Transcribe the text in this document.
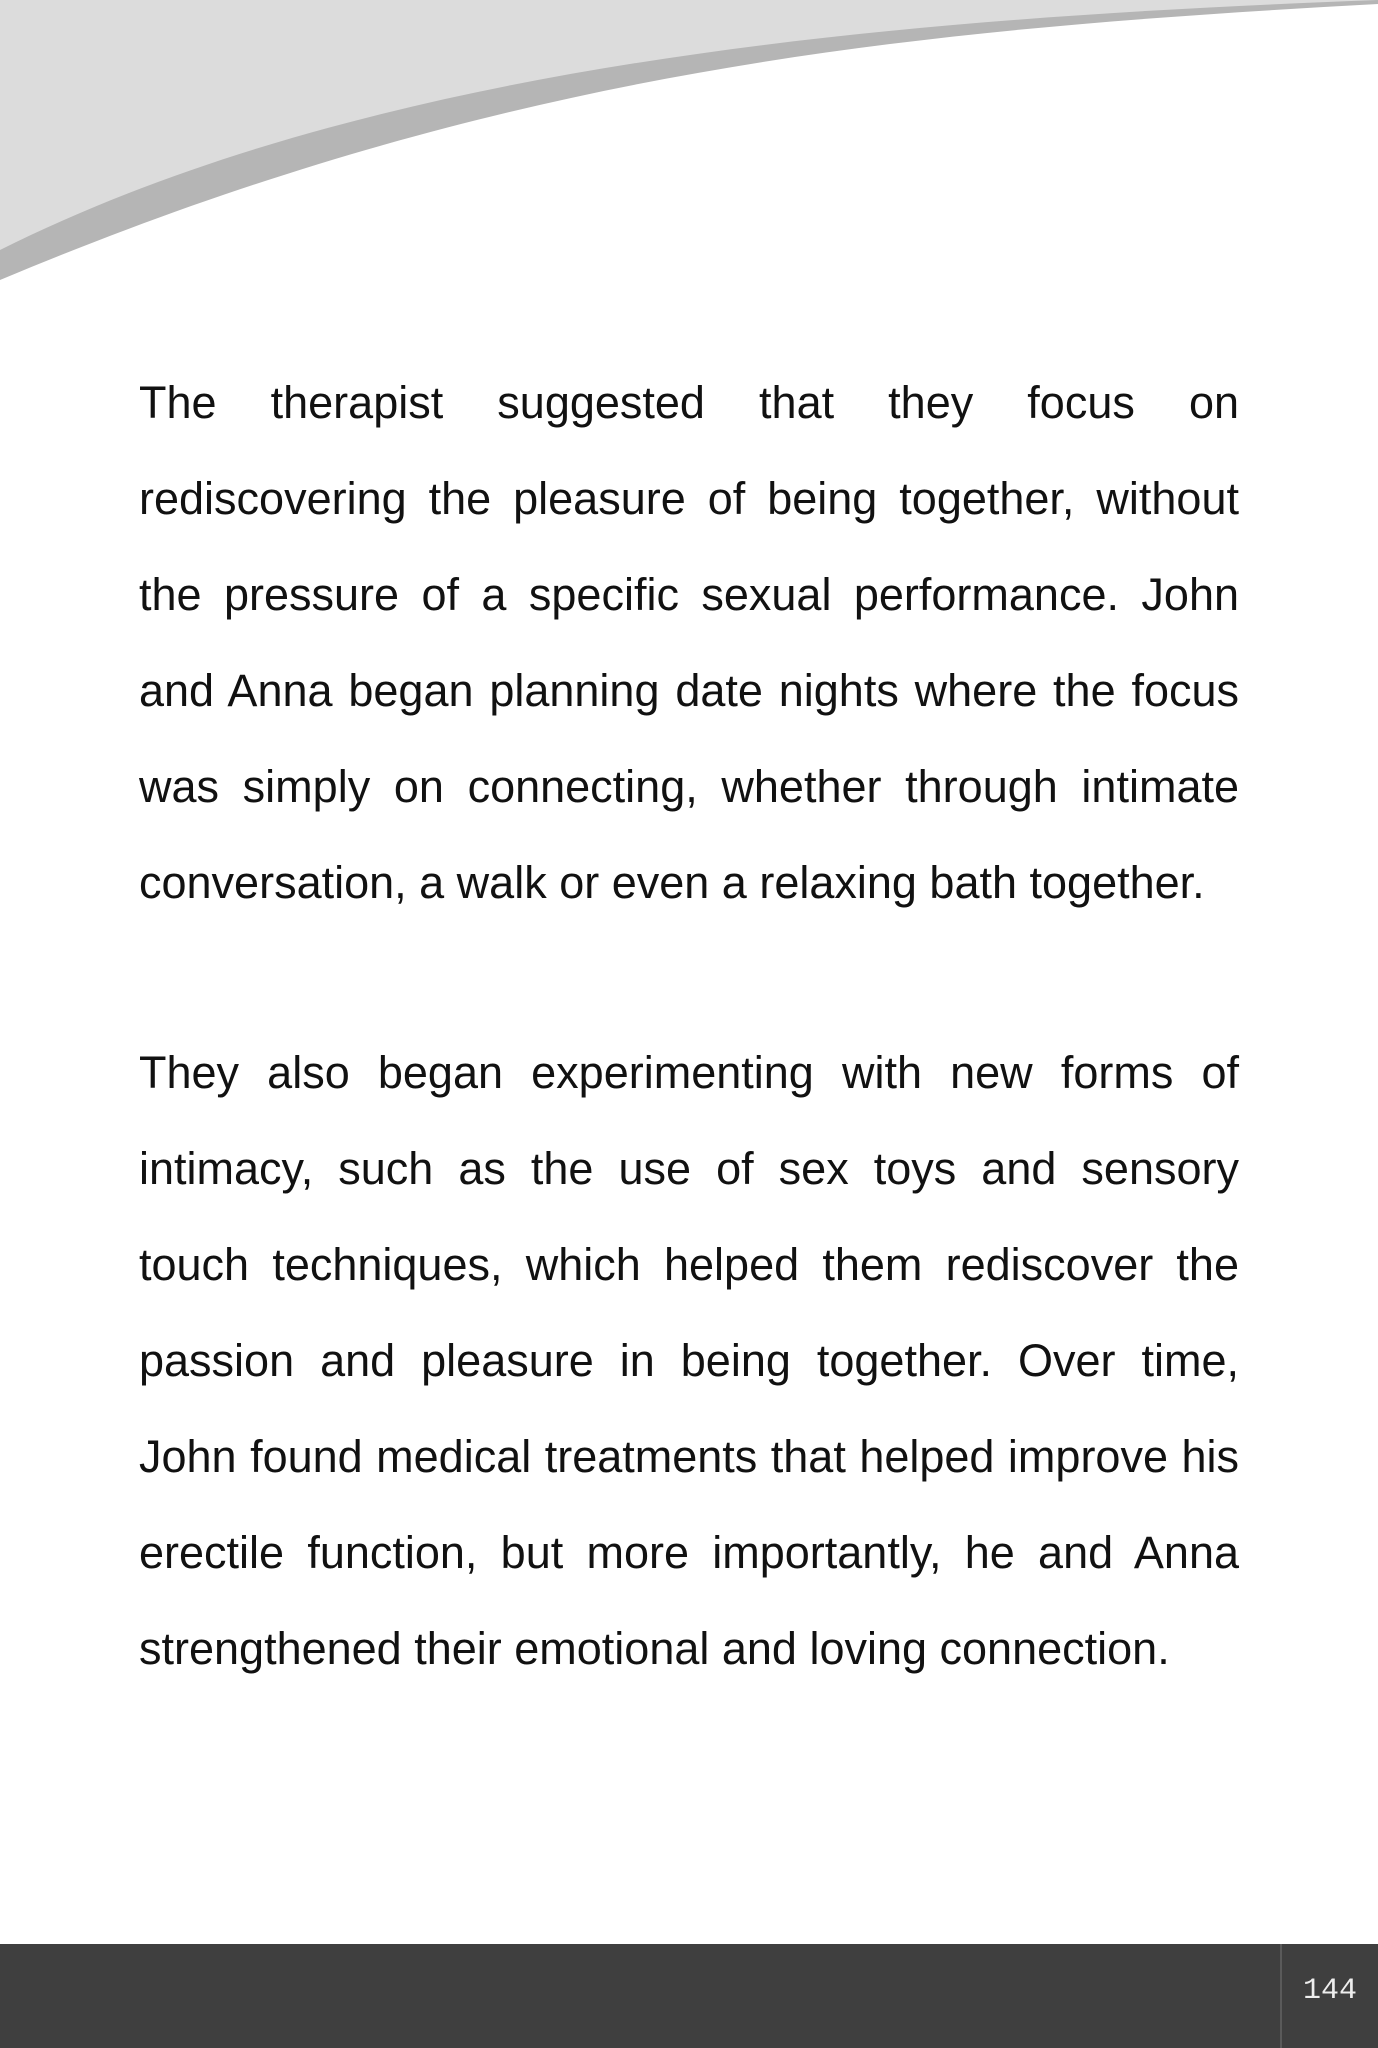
The therapist suggested that they focus on rediscovering the pleasure of being together, without the pressure of a specific sexual performance. John and Anna began planning date nights where the focus was simply on connecting, whether through intimate conversation, a walk or even a relaxing bath together.

They also began experimenting with new forms of intimacy, such as the use of sex toys and sensory touch techniques, which helped them rediscover the passion and pleasure in being together. Over time, John found medical treatments that helped improve his erectile function, but more importantly, he and Anna strengthened their emotional and loving connection.

144
